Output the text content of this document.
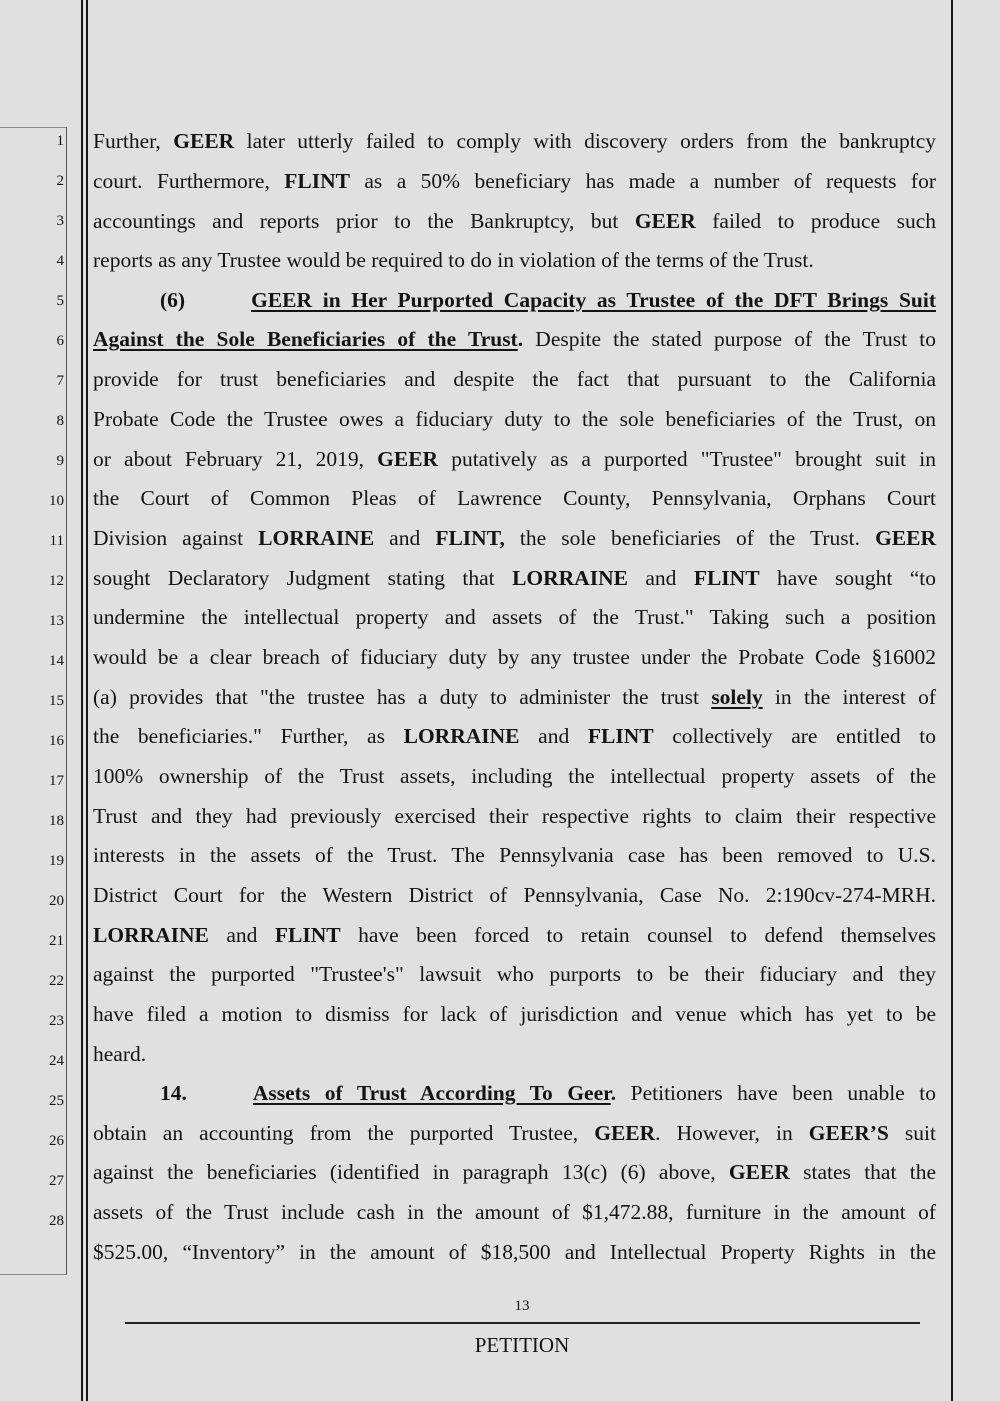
1
2
3
4
5
6
7
8
9
10
11
12
13
14
15
16
17
18
19
20
21
22
23
24
25
26
27
28
Further, GEER later utterly failed to comply with discovery orders from the bankruptcy
court. Furthermore, FLINT as a 50% beneficiary has made a number of requests for
accountings and reports prior to the Bankruptcy, but GEER failed to produce such
reports as any Trustee would be required to do in violation of the terms of the Trust.
(6)	GEER in Her Purported Capacity as Trustee of the DFT Brings Suit
Against the Sole Beneficiaries of the Trust. Despite the stated purpose of the Trust to
provide for trust beneficiaries and despite the fact that pursuant to the California
Probate Code the Trustee owes a fiduciary duty to the sole beneficiaries of the Trust, on
or about February 21, 2019, GEER putatively as a purported "Trustee" brought suit in
the Court of Common Pleas of Lawrence County, Pennsylvania, Orphans Court
Division against LORRAINE and FLINT, the sole beneficiaries of the Trust. GEER
sought Declaratory Judgment stating that LORRAINE and FLINT have sought “to
undermine the intellectual property and assets of the Trust." Taking such a position
would be a clear breach of fiduciary duty by any trustee under the Probate Code §16002
(a) provides that "the trustee has a duty to administer the trust solely in the interest of
the beneficiaries." Further, as LORRAINE and FLINT collectively are entitled to
100% ownership of the Trust assets, including the intellectual property assets of the
Trust and they had previously exercised their respective rights to claim their respective
interests in the assets of the Trust. The Pennsylvania case has been removed to U.S.
District Court for the Western District of Pennsylvania, Case No. 2:190cv-274-MRH.
LORRAINE and FLINT have been forced to retain counsel to defend themselves
against the purported "Trustee's" lawsuit who purports to be their fiduciary and they
have filed a motion to dismiss for lack of jurisdiction and venue which has yet to be
heard.
14.	Assets of Trust According To Geer. Petitioners have been unable to
obtain an accounting from the purported Trustee, GEER. However, in GEER’S suit
against the beneficiaries (identified in paragraph 13(c) (6) above, GEER states that the
assets of the Trust include cash in the amount of $1,472.88, furniture in the amount of
$525.00, “Inventory” in the amount of $18,500 and Intellectual Property Rights in the
13
PETITION
